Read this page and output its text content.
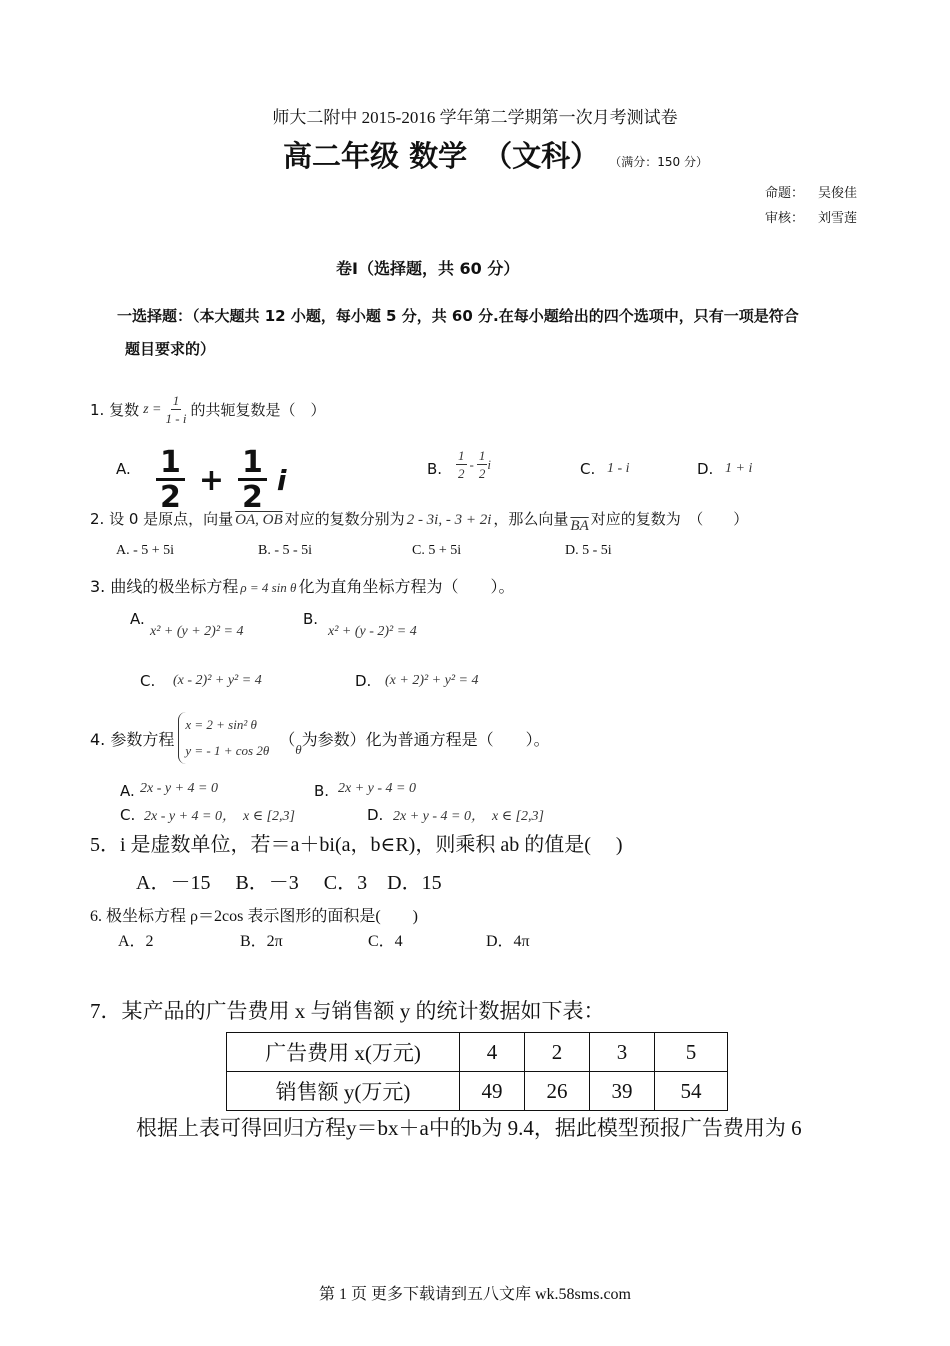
师大二附中 2015-2016 学年第二学期第一次月考测试卷
高二年级 数学 （文科） （满分：150 分）
命题： 吴俊佳
审核： 刘雪莲
卷Ⅰ（选择题，共 60 分）
一选择题：（本大题共 12 小题，每小题 5 分，共 60 分.在每小题给出的四个选项中，只有一项是符合
题目要求的）
1. 复数 $z = \frac{1}{1 - i}$ 的共轭复数是（　）
A. $\frac{1}{2} + \frac{1}{2}$ i	B. $\frac{1}{2} - \frac{1}{2}$ i	C. 1 - i	D. 1 + i
2. 设 0 是原点，向量 OA, OB 对应的复数分别为 2 - 3i, - 3 + 2i ，那么向量 $\overline{BA}$ 对应的复数为　（　　）
A. - 5 + 5i	B. - 5 - 5i	C. 5 + 5i	D. 5 - 5i
3. 曲线的极坐标方程 ρ = 4 sin θ 化为直角坐标方程为（　　）。
A.
x² + (y + 2)² = 4
B.
x² + (y - 2)² = 4
C. (x - 2)² + y² = 4	D. (x + 2)² + y² = 4
4. 参数方程
x = 2 + sin² θ
y = - 1 + cos 2θ
（
θ
为参数）化为普通方程是（　　）。
A. 2x - y + 4 = 0	B. 2x + y - 4 = 0
C. 2x - y + 4 = 0，　x ∈ [2,3]	D. 2x + y - 4 = 0，　x ∈ [2,3]
5．i 是虚数单位，若＝a＋bi(a，b∈R)，则乘积 ab 的值是(　 )
A．－15　 B．－3　 C．3　D．15
6. 极坐标方程 ρ＝2cos 表示图形的面积是(　　)
A．2	B．2π	C．4	D．4π
7．某产品的广告费用 x 与销售额 y 的统计数据如下表：
广告费用 x(万元)	4	2	3	5
销售额 y(万元)	49	26	39	54
根据上表可得回归方程y＝bx＋a中的b为 9.4，据此模型预报广告费用为 6
第 1 页 更多下载请到五八文库 wk.58sms.com
